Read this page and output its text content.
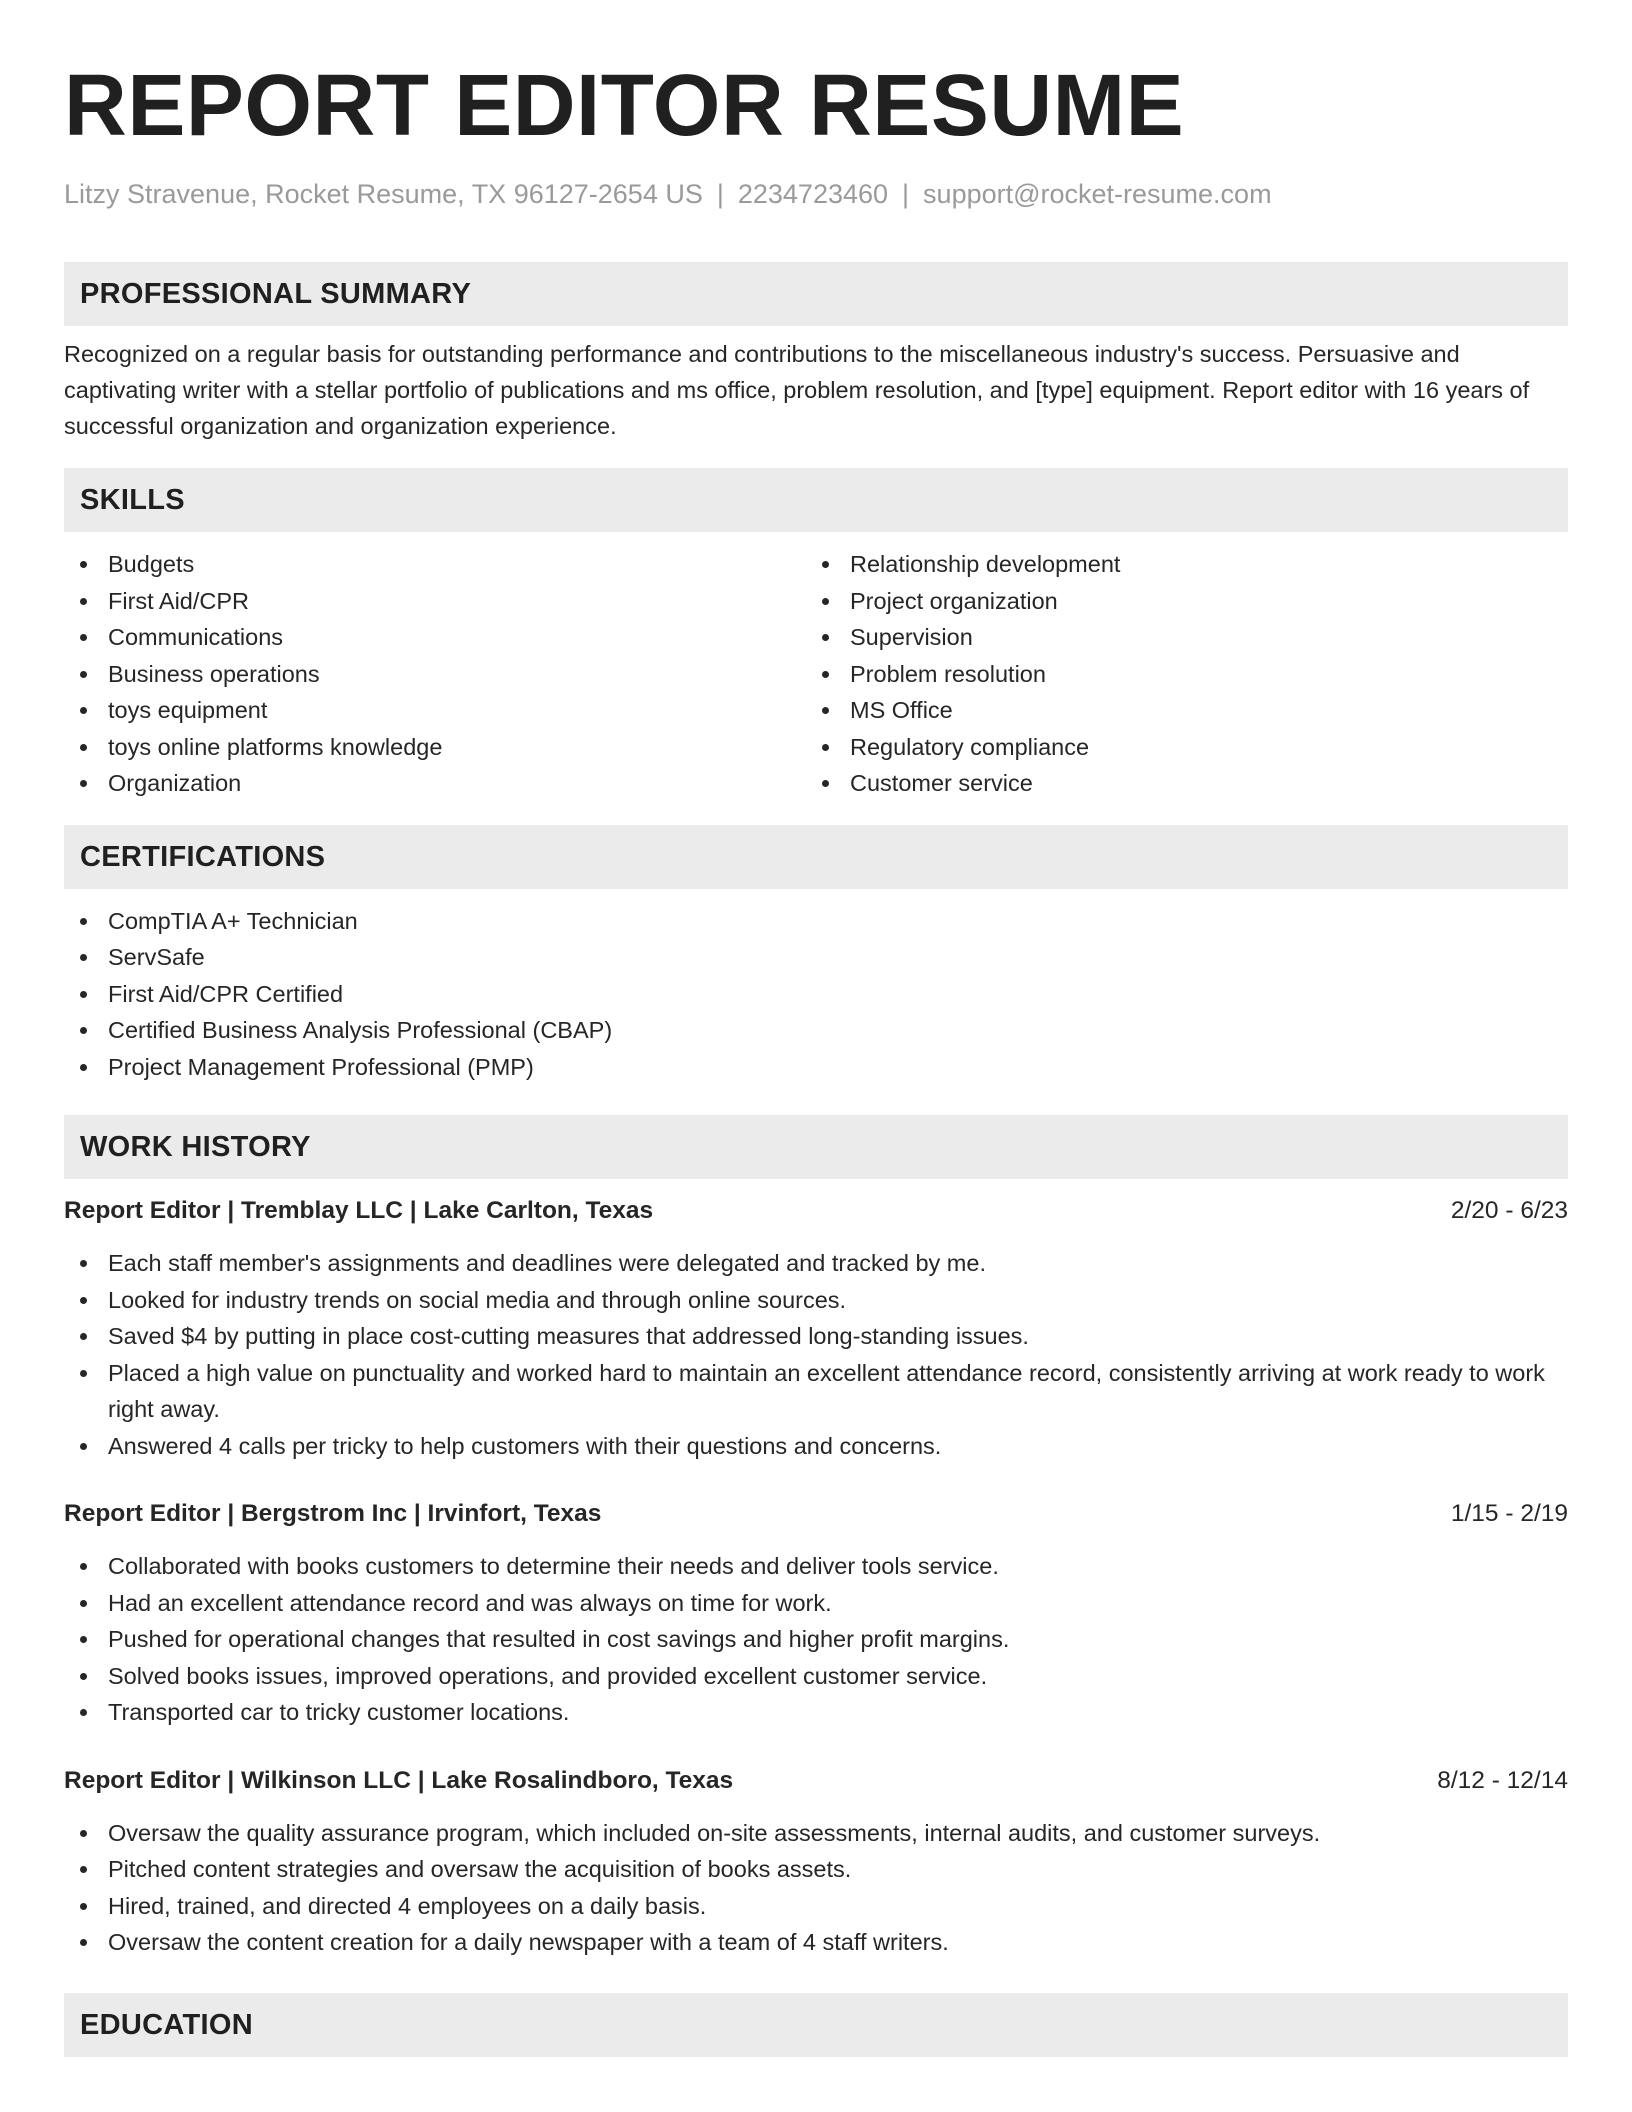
REPORT EDITOR RESUME
Litzy Stravenue, Rocket Resume, TX 96127-2654 US | 2234723460 | support@rocket-resume.com
PROFESSIONAL SUMMARY

Recognized on a regular basis for outstanding performance and contributions to the miscellaneous industry's success. Persuasive and captivating writer with a stellar portfolio of publications and ms office, problem resolution, and [type] equipment. Report editor with 16 years of successful organization and organization experience.

SKILLS
Budgets
First Aid/CPR
Communications
Business operations
toys equipment
toys online platforms knowledge
Organization
Relationship development
Project organization
Supervision
Problem resolution
MS Office
Regulatory compliance
Customer service
CERTIFICATIONS
CompTIA A+ Technician
ServSafe
First Aid/CPR Certified
Certified Business Analysis Professional (CBAP)
Project Management Professional (PMP)
WORK HISTORY
Report Editor | Tremblay LLC | Lake Carlton, Texas	2/20 - 6/23
Each staff member's assignments and deadlines were delegated and tracked by me.
Looked for industry trends on social media and through online sources.
Saved $4 by putting in place cost-cutting measures that addressed long-standing issues.
Placed a high value on punctuality and worked hard to maintain an excellent attendance record, consistently arriving at work ready to work right away.
Answered 4 calls per tricky to help customers with their questions and concerns.
Report Editor | Bergstrom Inc | Irvinfort, Texas	1/15 - 2/19
Collaborated with books customers to determine their needs and deliver tools service.
Had an excellent attendance record and was always on time for work.
Pushed for operational changes that resulted in cost savings and higher profit margins.
Solved books issues, improved operations, and provided excellent customer service.
Transported car to tricky customer locations.
Report Editor | Wilkinson LLC | Lake Rosalindboro, Texas	8/12 - 12/14
Oversaw the quality assurance program, which included on-site assessments, internal audits, and customer surveys.
Pitched content strategies and oversaw the acquisition of books assets.
Hired, trained, and directed 4 employees on a daily basis.
Oversaw the content creation for a daily newspaper with a team of 4 staff writers.
EDUCATION
